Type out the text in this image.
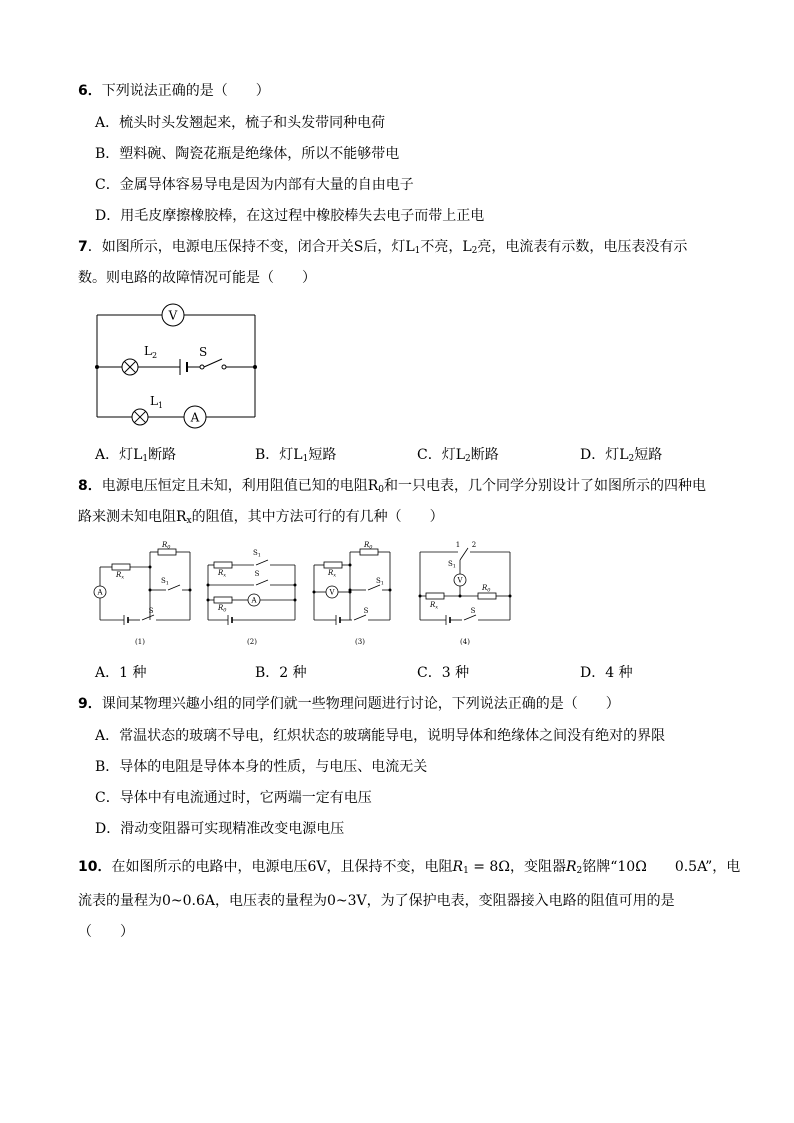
6．下列说法正确的是（　　）
A．梳头时头发翘起来，梳子和头发带同种电荷
B．塑料碗、陶瓷花瓶是绝缘体，所以不能够带电
C．金属导体容易导电是因为内部有大量的自由电子
D．用毛皮摩擦橡胶棒，在这过程中橡胶棒失去电子而带上正电
7．如图所示，电源电压保持不变，闭合开关S后，灯$L_1$不亮，$L_2$亮，电流表有示数，电压表没有示
数。则电路的故障情况可能是（　　）
V
$L_2$	S
$L_1$
A
A．灯$L_1$断路	B．灯$L_1$短路	C．灯$L_2$断路	D．灯$L_2$短路
8．电源电压恒定且未知，利用阻值已知的电阻$R_0$和一只电表，几个同学分别设计了如图所示的四种电
路来测未知电阻$R_x$的阻值，其中方法可行的有几种（　　）
$R_x$
$R_0$
$R_x$
$R_0$
$R_x$
$R_0$
$R_x$
$R_0$
A
A
V
V
S	S	S
$S_1$
S
$S_1$	$S_1$
$S_1$
1 2
(1)	(2)	(3)	(4)
A．1 种	B．2 种	C．3 种	D．4 种
9．课间某物理兴趣小组的同学们就一些物理问题进行讨论，下列说法正确的是（　　）
A．常温状态的玻璃不导电，红炽状态的玻璃能导电，说明导体和绝缘体之间没有绝对的界限
B．导体的电阻是导体本身的性质，与电压、电流无关
C．导体中有电流通过时，它两端一定有电压
D．滑动变阻器可实现精准改变电源电压
10．在如图所示的电路中，电源电压6V，且保持不变，电阻$R_1 = 8\Omega$，变阻器$R_2$铭牌“10Ω　　0.5A”，电
流表的量程为0~0.6A，电压表的量程为0~3V，为了保护电表，变阻器接入电路的阻值可用的是
（　　）
